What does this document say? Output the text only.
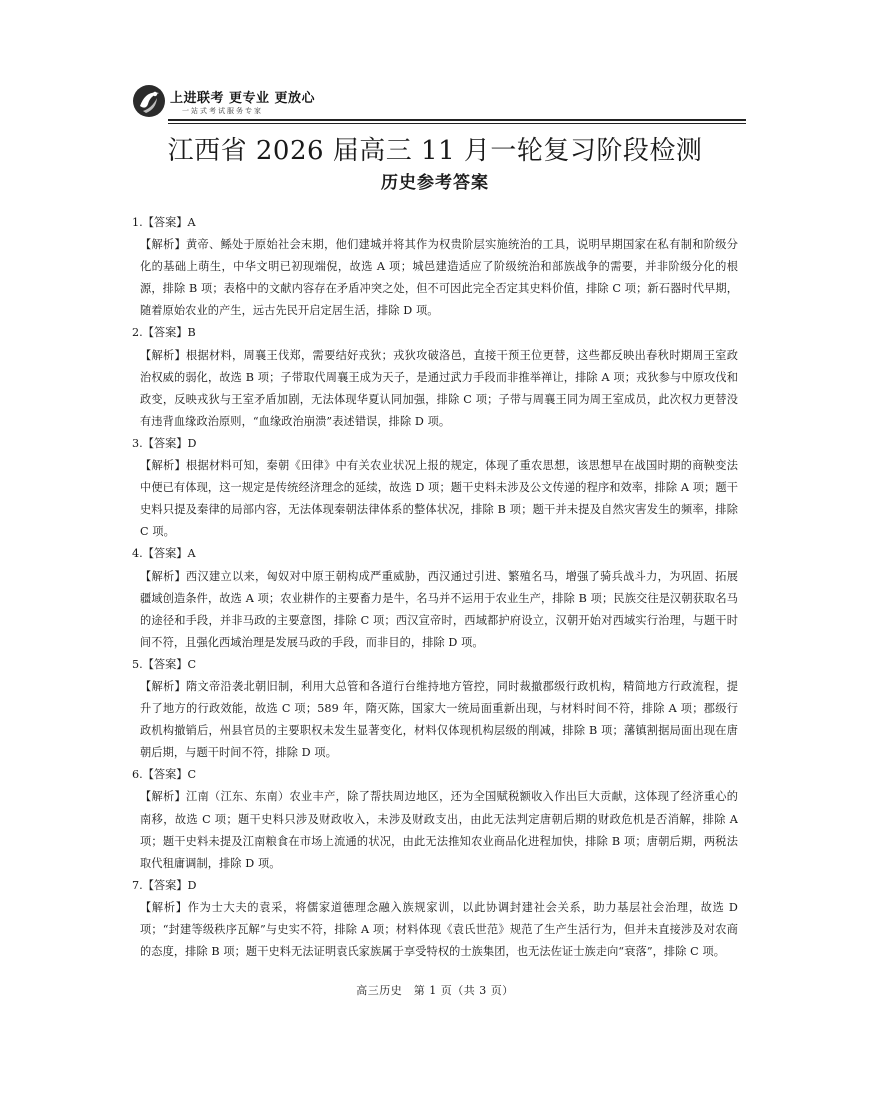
上进联考 更专业 更放心
一站式考试服务专家
江西省 2026 届高三 11 月一轮复习阶段检测
历史参考答案

1.【答案】A

【解析】黄帝、鲧处于原始社会末期，他们建城并将其作为权贵阶层实施统治的工具，说明早期国家在私有制和阶级分化的基础上萌生，中华文明已初现端倪，故选 A 项；城邑建造适应了阶级统治和部族战争的需要，并非阶级分化的根源，排除 B 项；表格中的文献内容存在矛盾冲突之处，但不可因此完全否定其史料价值，排除 C 项；新石器时代早期，随着原始农业的产生，远古先民开启定居生活，排除 D 项。

2.【答案】B

【解析】根据材料，周襄王伐郑，需要结好戎狄；戎狄攻破洛邑，直接干预王位更替，这些都反映出春秋时期周王室政治权威的弱化，故选 B 项；子带取代周襄王成为天子，是通过武力手段而非推举禅让，排除 A 项；戎狄参与中原攻伐和政变，反映戎狄与王室矛盾加剧，无法体现华夏认同加强，排除 C 项；子带与周襄王同为周王室成员，此次权力更替没有违背血缘政治原则，“血缘政治崩溃”表述错误，排除 D 项。

3.【答案】D

【解析】根据材料可知，秦朝《田律》中有关农业状况上报的规定，体现了重农思想，该思想早在战国时期的商鞅变法中便已有体现，这一规定是传统经济理念的延续，故选 D 项；题干史料未涉及公文传递的程序和效率，排除 A 项；题干史料只提及秦律的局部内容，无法体现秦朝法律体系的整体状况，排除 B 项；题干并未提及自然灾害发生的频率，排除 C 项。

4.【答案】A

【解析】西汉建立以来，匈奴对中原王朝构成严重威胁，西汉通过引进、繁殖名马，增强了骑兵战斗力，为巩固、拓展疆域创造条件，故选 A 项；农业耕作的主要畜力是牛，名马并不运用于农业生产，排除 B 项；民族交往是汉朝获取名马的途径和手段，并非马政的主要意图，排除 C 项；西汉宣帝时，西域都护府设立，汉朝开始对西域实行治理，与题干时间不符，且强化西域治理是发展马政的手段，而非目的，排除 D 项。

5.【答案】C

【解析】隋文帝沿袭北朝旧制，利用大总管和各道行台维持地方管控，同时裁撤郡级行政机构，精简地方行政流程，提升了地方的行政效能，故选 C 项；589 年，隋灭陈，国家大一统局面重新出现，与材料时间不符，排除 A 项；郡级行政机构撤销后，州县官员的主要职权未发生显著变化，材料仅体现机构层级的削减，排除 B 项；藩镇割据局面出现在唐朝后期，与题干时间不符，排除 D 项。

6.【答案】C

【解析】江南（江东、东南）农业丰产，除了帮扶周边地区，还为全国赋税额收入作出巨大贡献，这体现了经济重心的南移，故选 C 项；题干史料只涉及财政收入，未涉及财政支出，由此无法判定唐朝后期的财政危机是否消解，排除 A 项；题干史料未提及江南粮食在市场上流通的状况，由此无法推知农业商品化进程加快，排除 B 项；唐朝后期，两税法取代租庸调制，排除 D 项。

7.【答案】D

【解析】作为士大夫的袁采，将儒家道德理念融入族规家训，以此协调封建社会关系，助力基层社会治理，故选 D 项；“封建等级秩序瓦解”与史实不符，排除 A 项；材料体现《袁氏世范》规范了生产生活行为，但并未直接涉及对农商的态度，排除 B 项；题干史料无法证明袁氏家族属于享受特权的士族集团，也无法佐证士族走向“衰落”，排除 C 项。

高三历史　第 1 页（共 3 页）
